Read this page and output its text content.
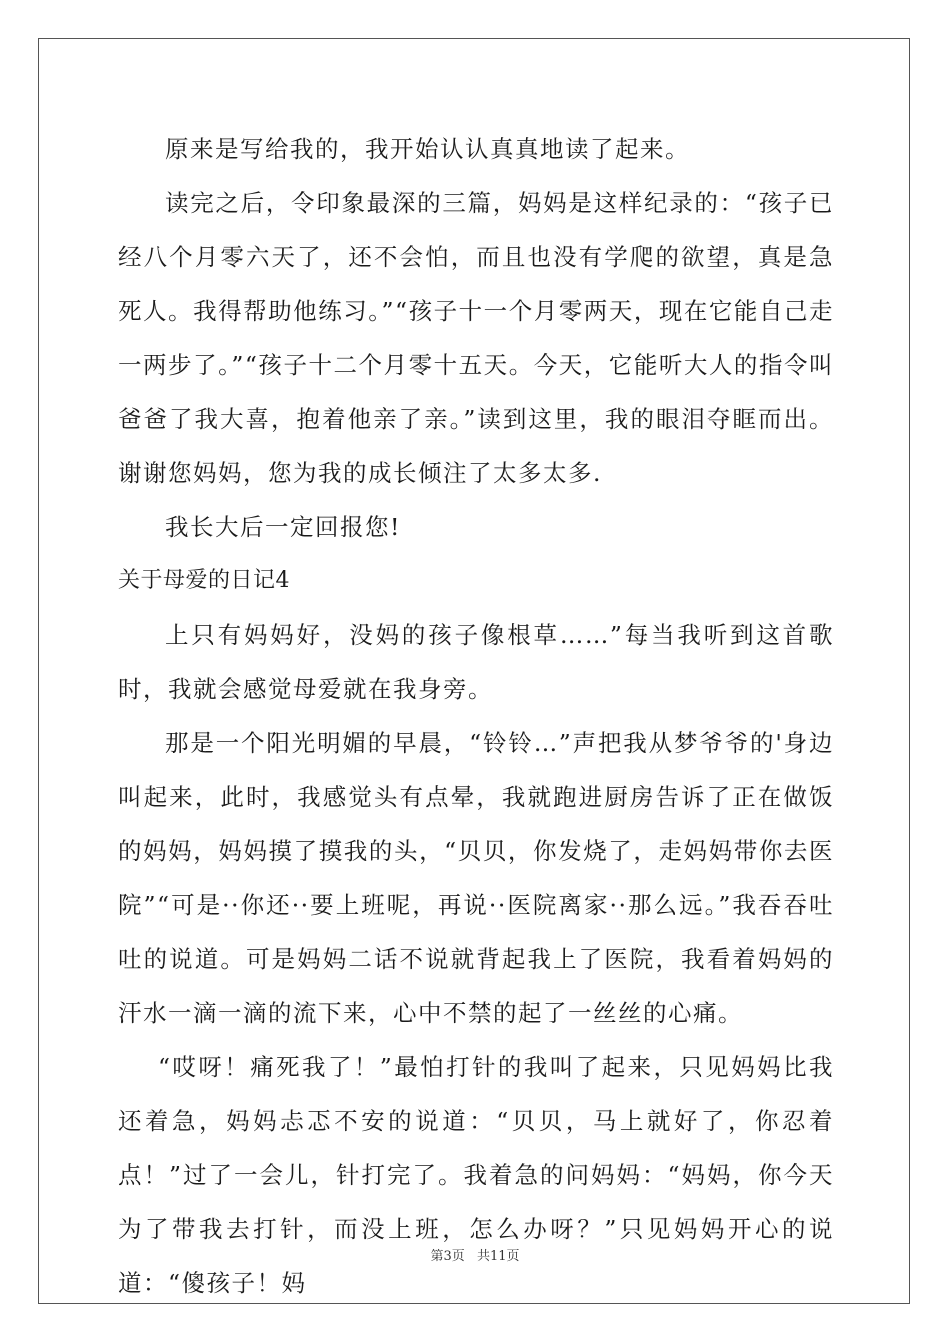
原来是写给我的，我开始认认真真地读了起来。

读完之后，令印象最深的三篇，妈妈是这样纪录的：“孩子已经八个月零六天了，还不会怕，而且也没有学爬的欲望，真是急死人。我得帮助他练习。”“孩子十一个月零两天，现在它能自己走一两步了。”“孩子十二个月零十五天。今天，它能听大人的指令叫爸爸了我大喜，抱着他亲了亲。”读到这里，我的眼泪夺眶而出。谢谢您妈妈，您为我的成长倾注了太多太多.

我长大后一定回报您!

关于母爱的日记4

上只有妈妈好，没妈的孩子像根草……”每当我听到这首歌时，我就会感觉母爱就在我身旁。

那是一个阳光明媚的早晨，“铃铃…”声把我从梦爷爷的'身边叫起来，此时，我感觉头有点晕，我就跑进厨房告诉了正在做饭的妈妈，妈妈摸了摸我的头，“贝贝，你发烧了，走妈妈带你去医院”“可是··你还··要上班呢，再说··医院离家··那么远。”我吞吞吐吐的说道。可是妈妈二话不说就背起我上了医院，我看着妈妈的汗水一滴一滴的流下来，心中不禁的起了一丝丝的心痛。

“哎呀！痛死我了！”最怕打针的我叫了起来，只见妈妈比我还着急，妈妈忐忑不安的说道：“贝贝，马上就好了，你忍着点！”过了一会儿，针打完了。我着急的问妈妈：“妈妈，你今天为了带我去打针，而没上班，怎么办呀？”只见妈妈开心的说道：“傻孩子！妈

第3页 共11页
